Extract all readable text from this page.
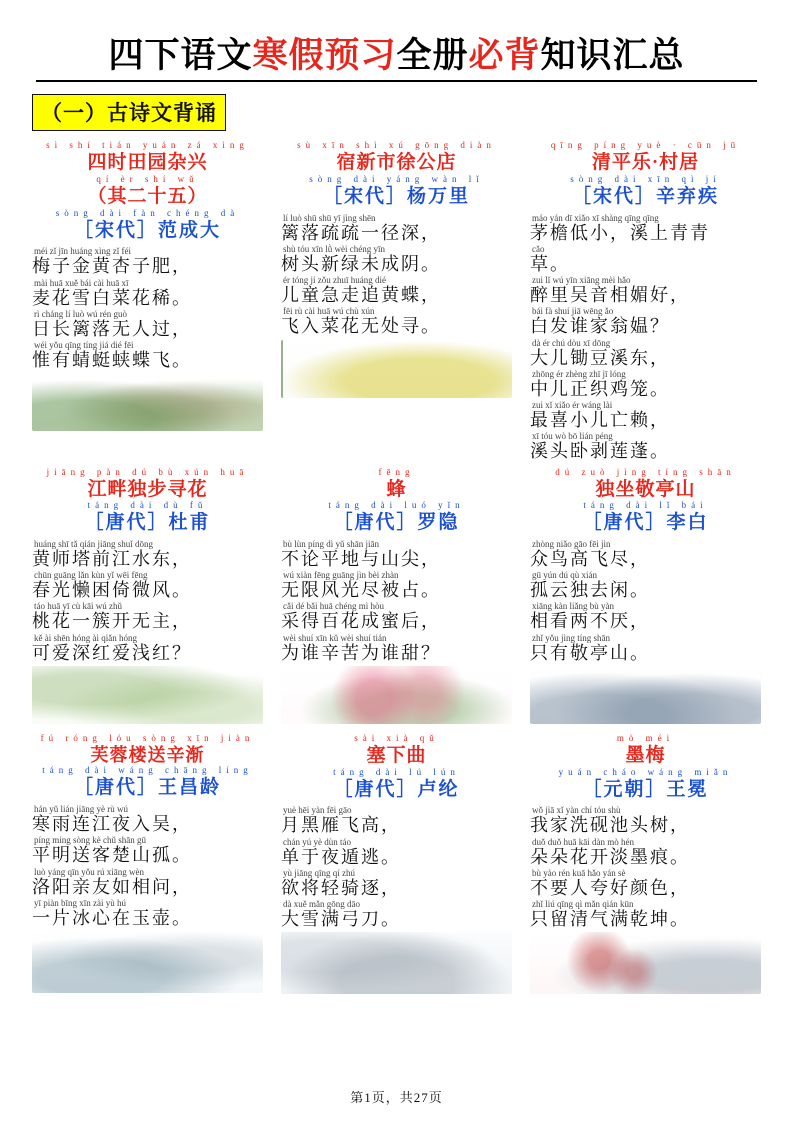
四下语文寒假预习全册必背知识汇总
（一）古诗文背诵
sì shí tián yuán zá xìng
四时田园杂兴
qí èr shí wǔ
（其二十五）
sòng dài fàn chéng dà
［宋代］范成大
méi zǐ jīn huáng xìng zǐ féi
梅子金黄杏子肥，
mài huā xuě bái cài huā xī
麦花雪白菜花稀。
rì cháng lí luò wú rén guò
日长篱落无人过，
wéi yǒu qīng tíng jiá dié fēi
惟有蜻蜓蛱蝶飞。
sù xīn shì xú gōng diàn
宿新市徐公店
sòng dài yáng wàn lǐ
［宋代］杨万里
lí luò shū shū yī jìng shēn
篱落疏疏一径深，
shù tóu xīn lǜ wèi chéng yīn
树头新绿未成阴。
ér tóng jí zǒu zhuī huáng dié
儿童急走追黄蝶，
fēi rù cài huā wú chù xún
飞入菜花无处寻。
qīng píng yuè · cūn jū
清平乐·村居
sòng dài xīn qì jí
［宋代］辛弃疾
máo yán dī xiǎo xī shàng qīng qīng
茅檐低小，溪上青青
cǎo
草。
zuì lǐ wú yīn xiāng mèi hǎo
醉里吴音相媚好，
bái fà shuí jiā wēng ǎo
白发谁家翁媪？
dà ér chú dòu xī dōng
大儿锄豆溪东，
zhōng ér zhèng zhī jī lóng
中儿正织鸡笼。
zuì xǐ xiǎo ér wáng lài
最喜小儿亡赖，
xī tóu wò bō lián péng
溪头卧剥莲蓬。
jiāng pàn dú bù xún huā
江畔独步寻花
táng dài dù fǔ
［唐代］杜甫
huáng shī tǎ qián jiāng shuǐ dōng
黄师塔前江水东，
chūn guāng lǎn kùn yǐ wēi fēng
春光懒困倚微风。
táo huā yī cù kāi wú zhǔ
桃花一簇开无主，
kě ài shēn hóng ài qiǎn hóng
可爱深红爱浅红？
fēng
蜂
táng dài luó yǐn
［唐代］罗隐
bù lùn píng dì yǔ shān jiān
不论平地与山尖，
wú xiàn fēng guāng jìn bèi zhàn
无限风光尽被占。
cǎi dé bǎi huā chéng mì hòu
采得百花成蜜后，
wèi shuí xīn kǔ wèi shuí tián
为谁辛苦为谁甜？
dú zuò jìng tíng shān
独坐敬亭山
táng dài lǐ bái
［唐代］李白
zhòng niǎo gāo fēi jìn
众鸟高飞尽，
gū yún dú qù xián
孤云独去闲。
xiāng kàn liǎng bù yàn
相看两不厌，
zhǐ yǒu jìng tíng shān
只有敬亭山。
fú róng lóu sòng xīn jiàn
芙蓉楼送辛渐
táng dài wáng chāng líng
［唐代］王昌龄
hán yǔ lián jiāng yè rù wú
寒雨连江夜入吴，
píng míng sòng kè chǔ shān gū
平明送客楚山孤。
luò yáng qīn yǒu rú xiāng wèn
洛阳亲友如相问，
yī piàn bīng xīn zài yù hú
一片冰心在玉壶。
sài xià qǔ
塞下曲
táng dài lú lún
［唐代］卢纶
yuè hēi yàn fēi gāo
月黑雁飞高，
chán yú yè dùn táo
单于夜遁逃。
yù jiāng qīng qí zhú
欲将轻骑逐，
dà xuě mǎn gōng dāo
大雪满弓刀。
mò méi
墨梅
yuán cháo wáng miǎn
［元朝］王冕
wǒ jiā xǐ yàn chí tóu shù
我家洗砚池头树，
duǒ duǒ huā kāi dàn mò hén
朵朵花开淡墨痕。
bù yào rén kuā hǎo yán sè
不要人夸好颜色，
zhǐ liú qīng qì mǎn qián kūn
只留清气满乾坤。
第1页，共27页
